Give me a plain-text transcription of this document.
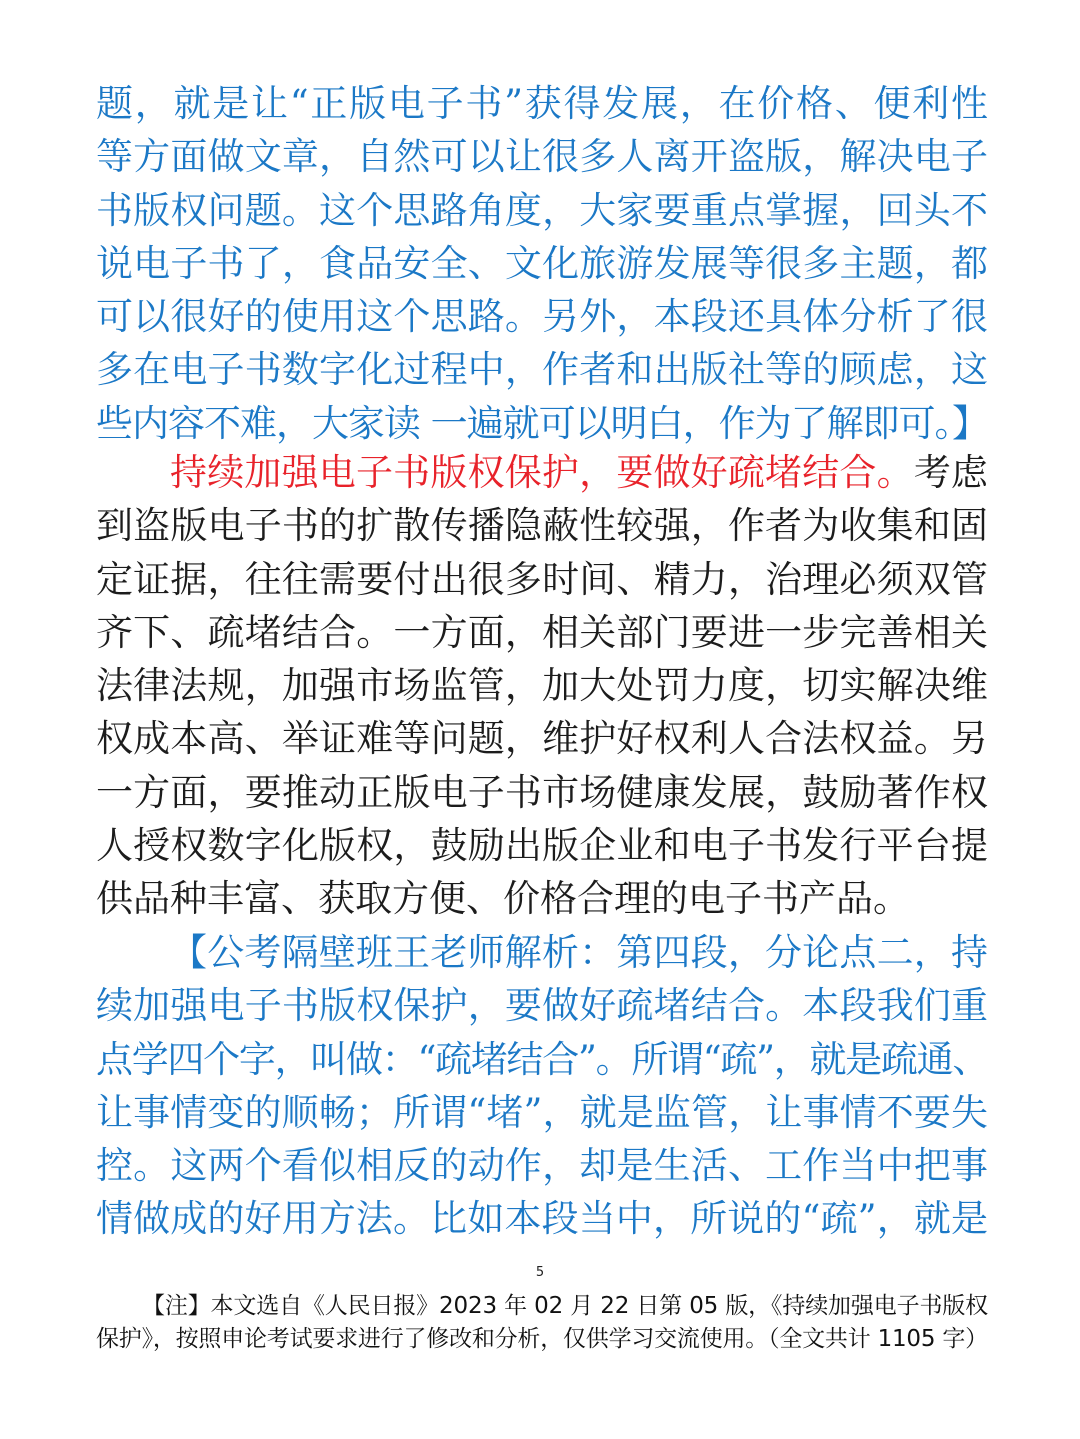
题，就是让“正版电子书”获得发展，在价格、便利性
等方面做文章，自然可以让很多人离开盗版，解决电子
书版权问题。这个思路角度，大家要重点掌握，回头不
说电子书了，食品安全、文化旅游发展等很多主题，都
可以很好的使用这个思路。另外，本段还具体分析了很
多在电子书数字化过程中，作者和出版社等的顾虑，这
些内容不难，大家读 一遍就可以明白，作为了解即可。】
持续加强电子书版权保护，要做好疏堵结合。考虑
到盗版电子书的扩散传播隐蔽性较强，作者为收集和固
定证据，往往需要付出很多时间、精力，治理必须双管
齐下、疏堵结合。一方面，相关部门要进一步完善相关
法律法规，加强市场监管，加大处罚力度，切实解决维
权成本高、举证难等问题，维护好权利人合法权益。另
一方面，要推动正版电子书市场健康发展，鼓励著作权
人授权数字化版权，鼓励出版企业和电子书发行平台提
供品种丰富、获取方便、价格合理的电子书产品。
【公考隔壁班王老师解析：第四段，分论点二，持
续加强电子书版权保护，要做好疏堵结合。本段我们重
点学四个字，叫做：“疏堵结合”。所谓“疏”，就是疏通、
让事情变的顺畅；所谓“堵”，就是监管，让事情不要失
控。这两个看似相反的动作，却是生活、工作当中把事
情做成的好用方法。比如本段当中，所说的“疏”，就是
5
【注】本文选自《人民日报》2023 年 02 月 22 日第 05 版，《持续加强电子书版权
保护》，按照申论考试要求进行了修改和分析，仅供学习交流使用。（全文共计 1105 字）
